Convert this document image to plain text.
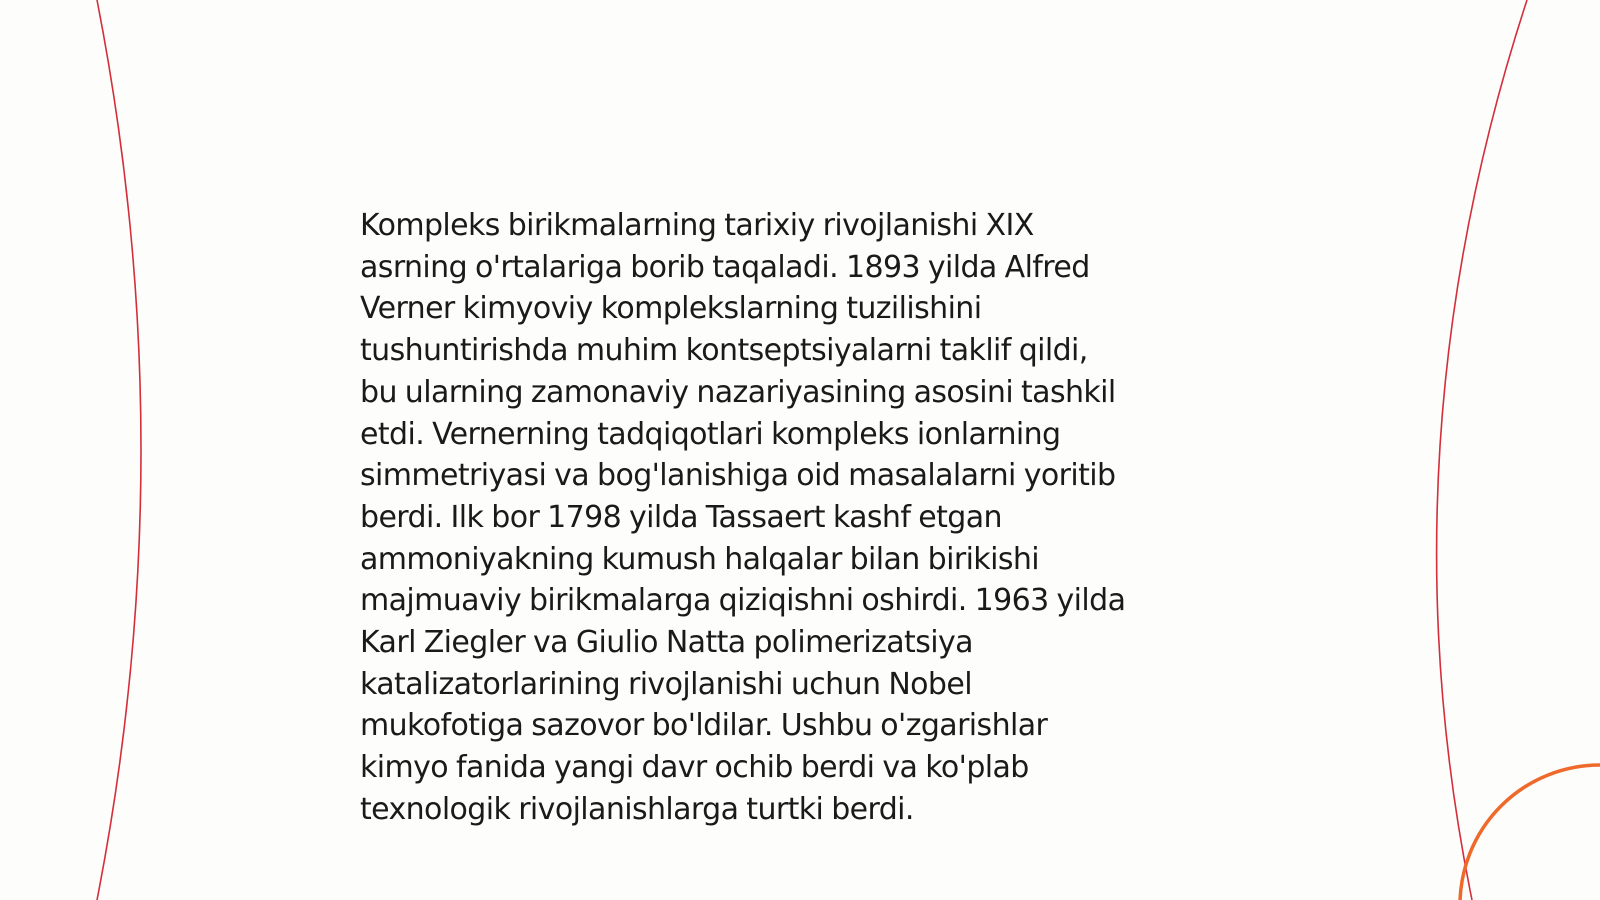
Kompleks birikmalarning tarixiy rivojlanishi XIX
asrning o'rtalariga borib taqaladi. 1893 yilda Alfred
Verner kimyoviy komplekslarning tuzilishini
tushuntirishda muhim kontseptsiyalarni taklif qildi,
bu ularning zamonaviy nazariyasining asosini tashkil
etdi. Vernerning tadqiqotlari kompleks ionlarning
simmetriyasi va bog'lanishiga oid masalalarni yoritib
berdi. Ilk bor 1798 yilda Tassaert kashf etgan
ammoniyakning kumush halqalar bilan birikishi
majmuaviy birikmalarga qiziqishni oshirdi. 1963 yilda
Karl Ziegler va Giulio Natta polimerizatsiya
katalizatorlarining rivojlanishi uchun Nobel
mukofotiga sazovor bo'ldilar. Ushbu o'zgarishlar
kimyo fanida yangi davr ochib berdi va ko'plab
texnologik rivojlanishlarga turtki berdi.
